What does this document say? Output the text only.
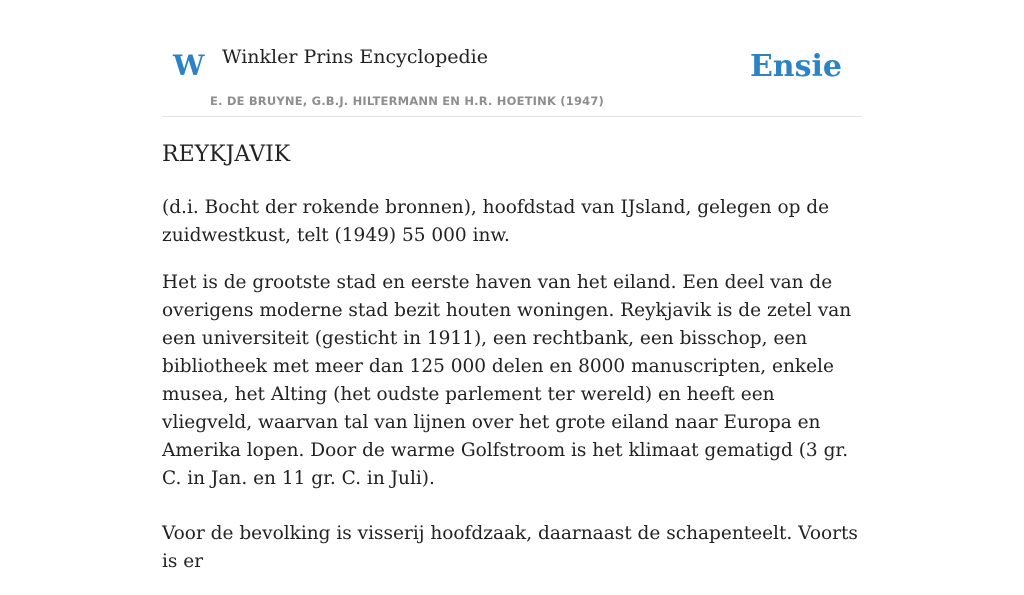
W Winkler Prins Encyclopedie
E. DE BRUYNE, G.B.J. HILTERMANN EN H.R. HOETINK (1947)
Ensie
REYKJAVIK

(d.i. Bocht der rokende bronnen), hoofdstad van IJsland, gelegen op de zuidwestkust, telt (1949) 55 000 inw.

Het is de grootste stad en eerste haven van het eiland. Een deel van de overigens moderne stad bezit houten woningen. Reykjavik is de zetel van een universiteit (gesticht in 1911), een rechtbank, een bisschop, een bibliotheek met meer dan 125 000 delen en 8000 manuscripten, enkele musea, het Alting (het oudste parlement ter wereld) en heeft een vliegveld, waarvan tal van lijnen over het grote eiland naar Europa en Amerika lopen. Door de warme Golfstroom is het klimaat gematigd (3 gr. C. in Jan. en 11 gr. C. in Juli).

Voor de bevolking is visserij hoofdzaak, daarnaast de schapenteelt. Voorts is er
